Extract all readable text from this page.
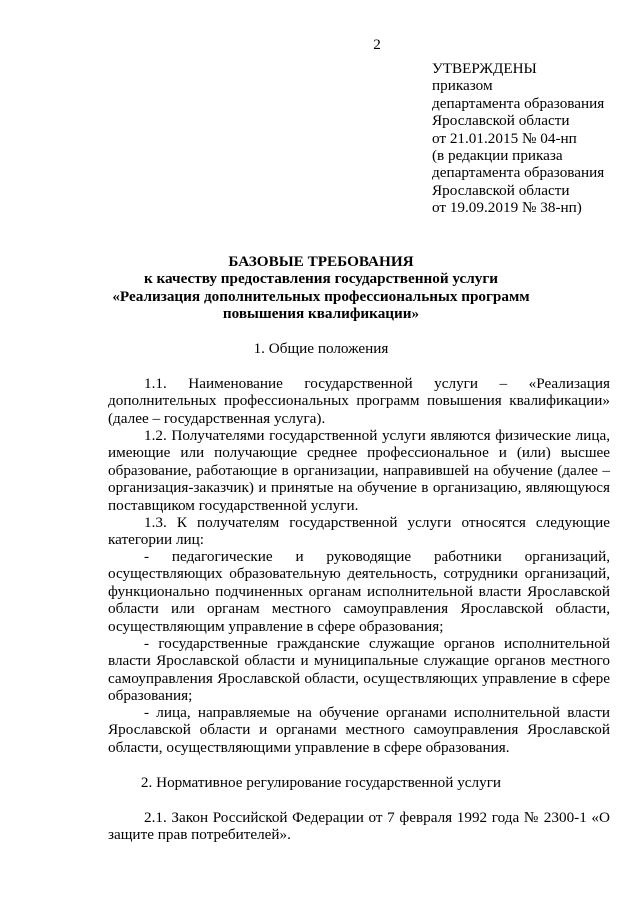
2
УТВЕРЖДЕНЫ
приказом
департамента образования
Ярославской области
от 21.01.2015 № 04-нп
(в редакции приказа
департамента образования
Ярославской области
от 19.09.2019 № 38-нп)
БАЗОВЫЕ ТРЕБОВАНИЯ
к качеству предоставления государственной услуги
«Реализация дополнительных профессиональных программ
повышения квалификации»
1. Общие положения
1.1. Наименование государственной услуги – «Реализация дополнительных профессиональных программ повышения квалификации» (далее – государственная услуга).
1.2. Получателями государственной услуги являются физические лица, имеющие или получающие среднее профессиональное и (или) высшее образование, работающие в организации, направившей на обучение (далее – организация-заказчик) и принятые на обучение в организацию, являющуюся поставщиком государственной услуги.
1.3. К получателям государственной услуги относятся следующие категории лиц:
- педагогические и руководящие работники организаций, осуществляющих образовательную деятельность, сотрудники организаций, функционально подчиненных органам исполнительной власти Ярославской области или органам местного самоуправления Ярославской области, осуществляющим управление в сфере образования;
- государственные гражданские служащие органов исполнительной власти Ярославской области и муниципальные служащие органов местного самоуправления Ярославской области, осуществляющих управление в сфере образования;
- лица, направляемые на обучение органами исполнительной власти Ярославской области и органами местного самоуправления Ярославской области, осуществляющими управление в сфере образования.
2. Нормативное регулирование государственной услуги
2.1. Закон Российской Федерации от 7 февраля 1992 года № 2300-1 «О защите прав потребителей».
